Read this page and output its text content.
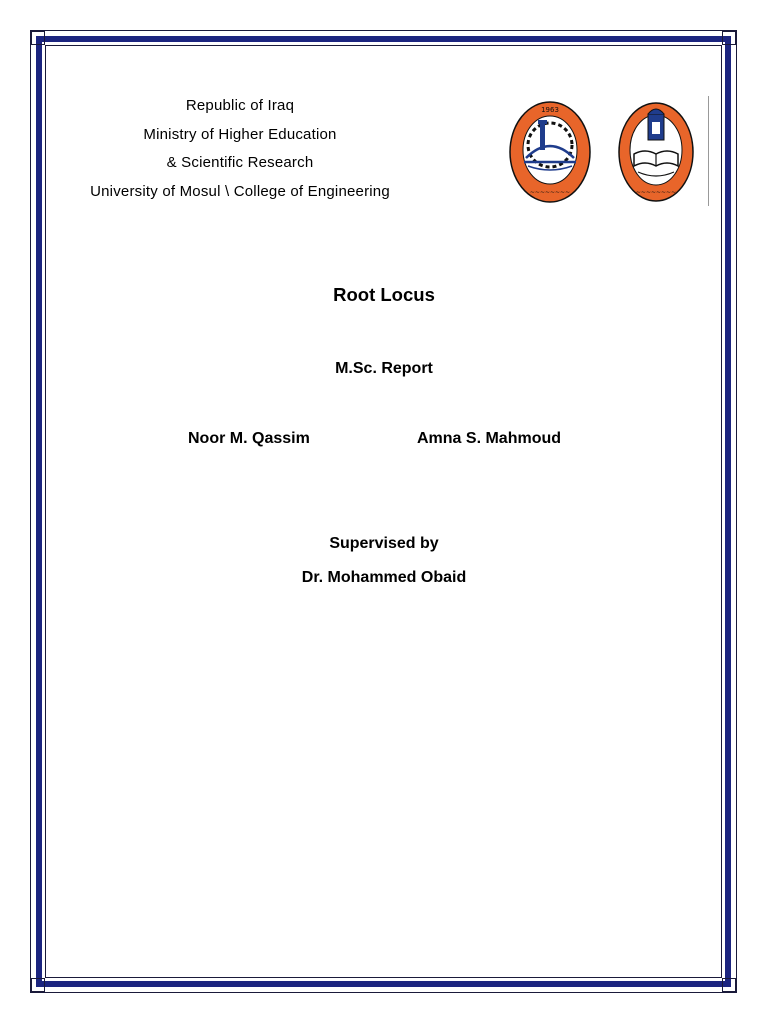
Republic of Iraq
Ministry of Higher Education
& Scientific Research
University of Mosul \ College of Engineering
1963
~~~~~~~~	~~~~~~~~
Root Locus
M.Sc. Report
Noor M. Qassim	Amna S. Mahmoud
Supervised by
Dr. Mohammed Obaid
